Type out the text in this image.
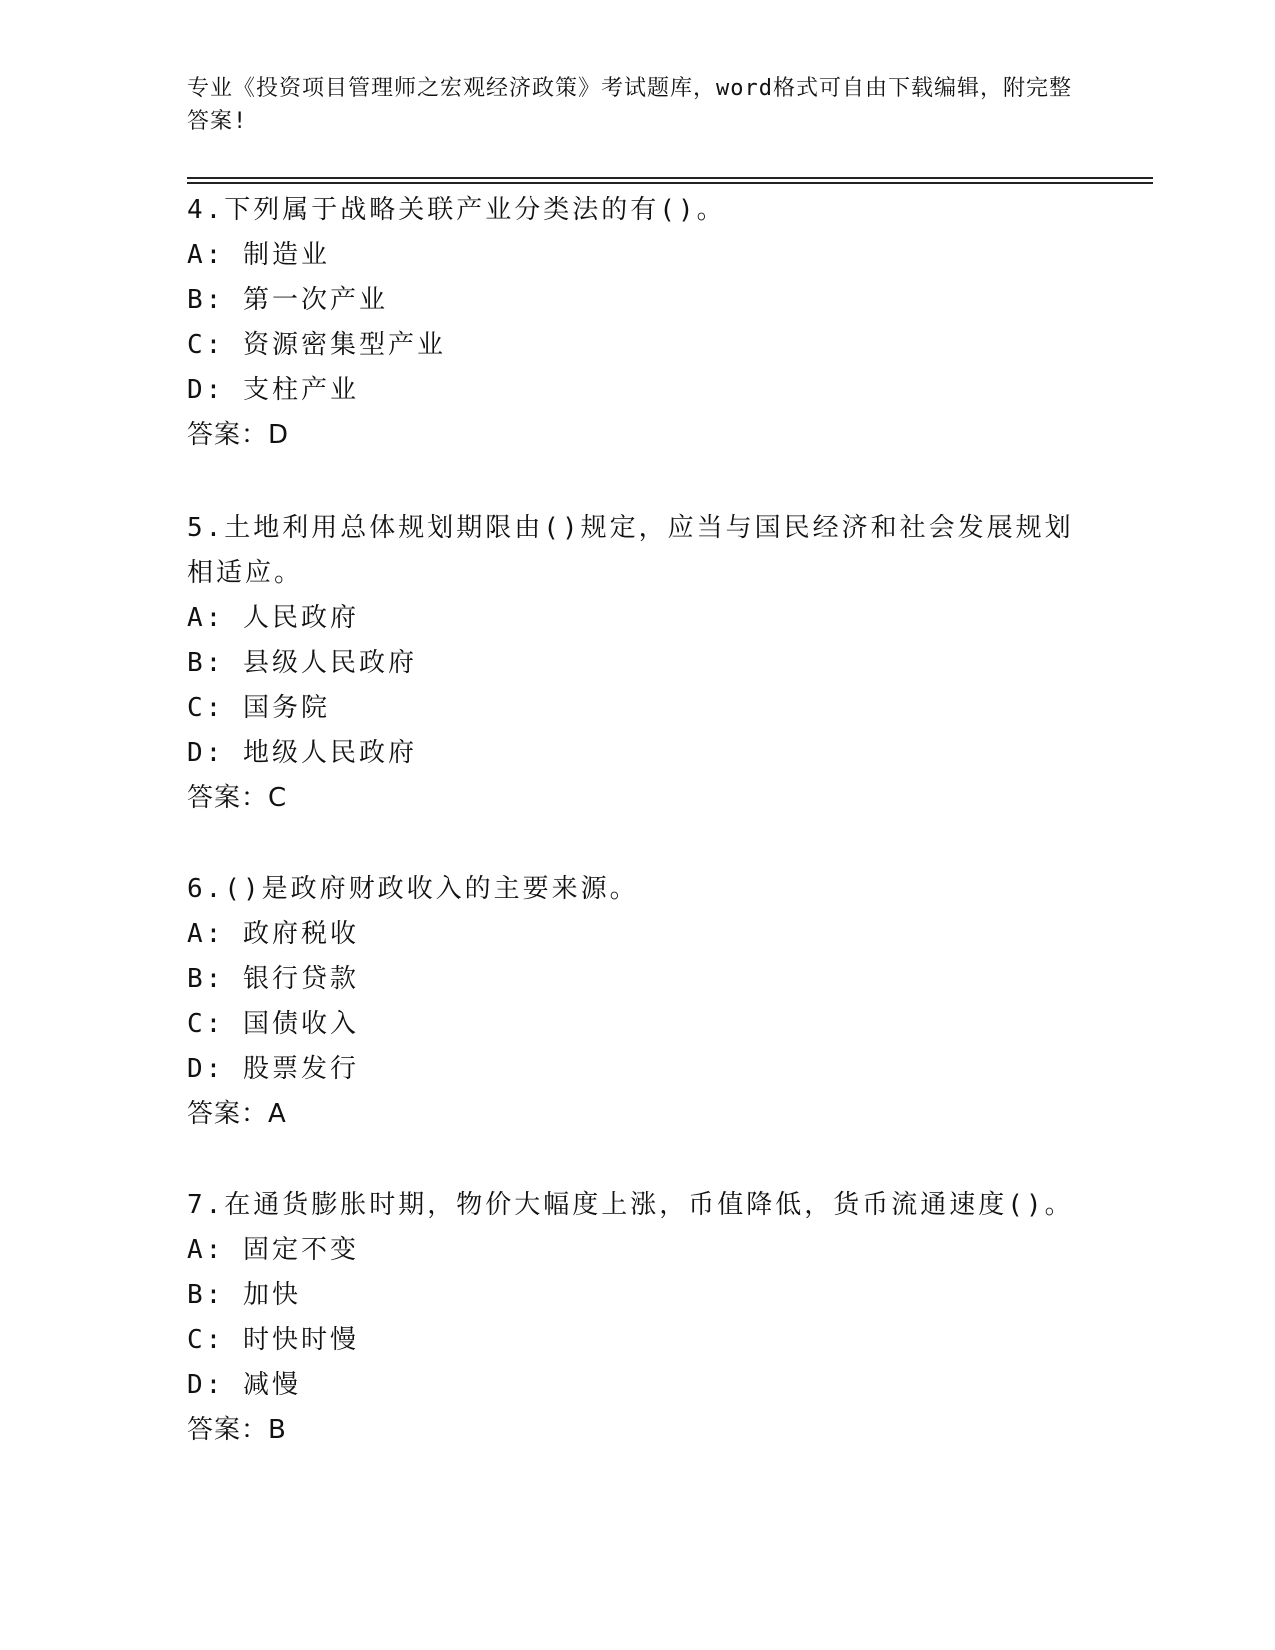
专业《投资项目管理师之宏观经济政策》考试题库，word格式可自由下载编辑，附完整答案!

4.下列属于战略关联产业分类法的有()。

A: 制造业

B: 第一次产业

C: 资源密集型产业

D: 支柱产业

答案：D

5.土地利用总体规划期限由()规定，应当与国民经济和社会发展规划相适应。

A: 人民政府

B: 县级人民政府

C: 国务院

D: 地级人民政府

答案：C

6.()是政府财政收入的主要来源。

A: 政府税收

B: 银行贷款

C: 国债收入

D: 股票发行

答案：A

7.在通货膨胀时期，物价大幅度上涨，币值降低，货币流通速度()。

A: 固定不变

B: 加快

C: 时快时慢

D: 减慢

答案：B
